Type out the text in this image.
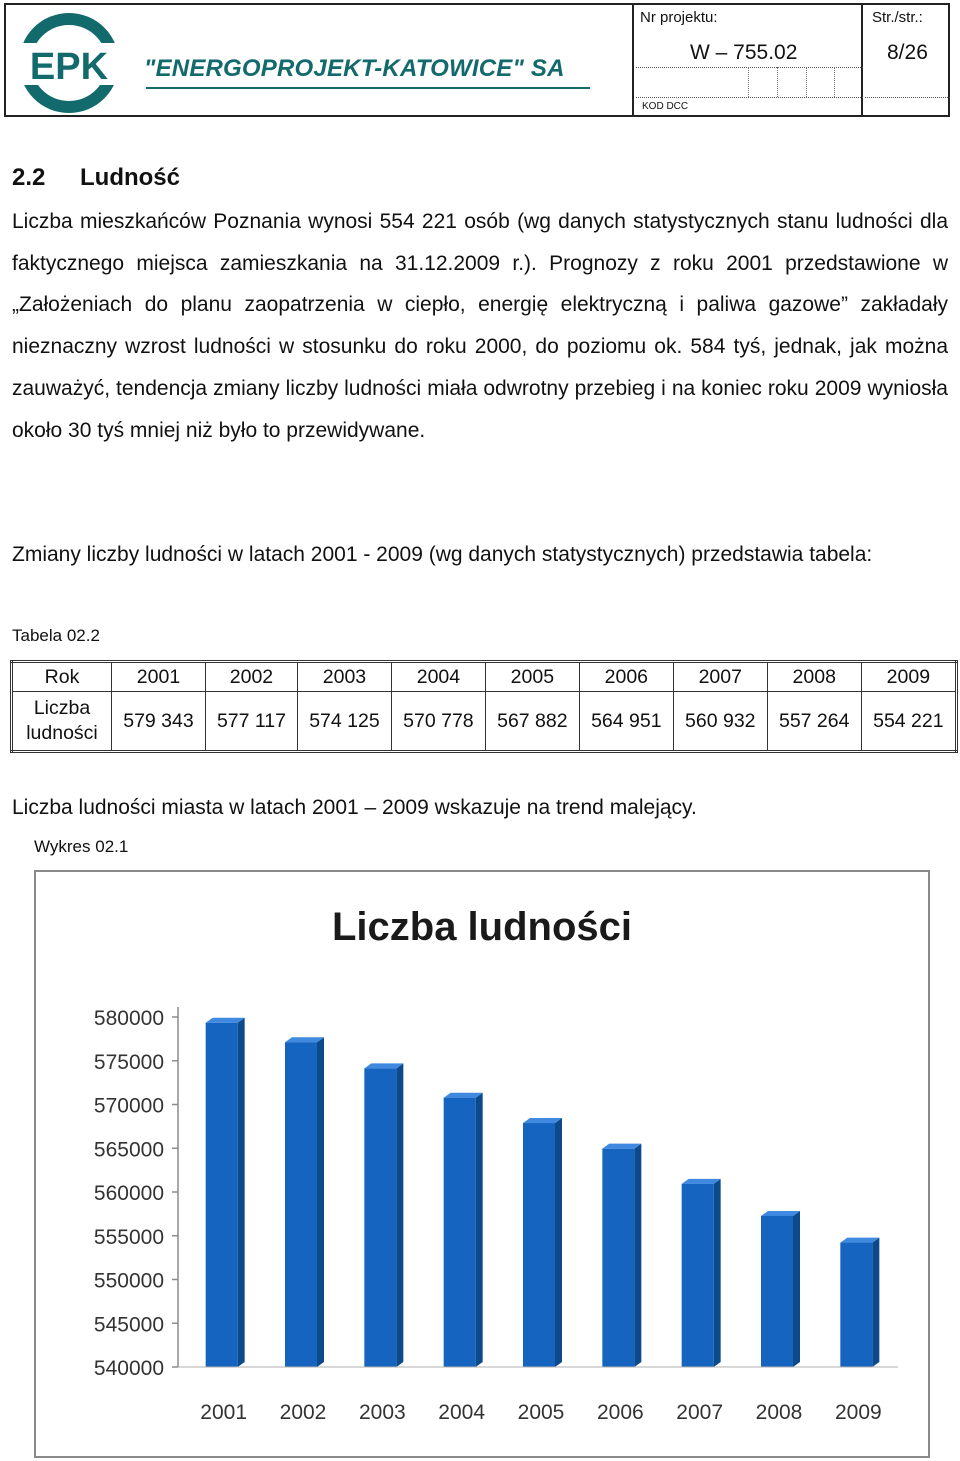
EPK "ENERGOPROJEKT-KATOWICE" SA
Nr projektu:
W – 755.02
Str./str.:
8/26
KOD DCC
2.2 Ludność
Liczba mieszkańców Poznania wynosi 554 221 osób (wg danych statystycznych stanu ludności dla faktycznego miejsca zamieszkania na 31.12.2009 r.). Prognozy z roku 2001 przedstawione w „Założeniach do planu zaopatrzenia w ciepło, energię elektryczną i paliwa gazowe” zakładały nieznaczny wzrost ludności w stosunku do roku 2000, do poziomu ok. 584 tyś, jednak, jak można zauważyć, tendencja zmiany liczby ludności miała odwrotny przebieg i na koniec roku 2009 wyniosła około 30 tyś mniej niż było to przewidywane.
Zmiany liczby ludności w latach 2001 - 2009 (wg danych statystycznych) przedstawia tabela:
Tabela 02.2
Rok	2001	2002	2003	2004	2005	2006	2007	2008	2009
Liczba ludności	579 343	577 117	574 125	570 778	567 882	564 951	560 932	557 264	554 221
Liczba ludności miasta w latach 2001 – 2009 wskazuje na trend malejący.
Wykres 02.1
Liczba ludności
540000
545000
550000
555000
560000
565000
570000
575000
580000
2001 2002 2003 2004 2005 2006 2007 2008 2009
